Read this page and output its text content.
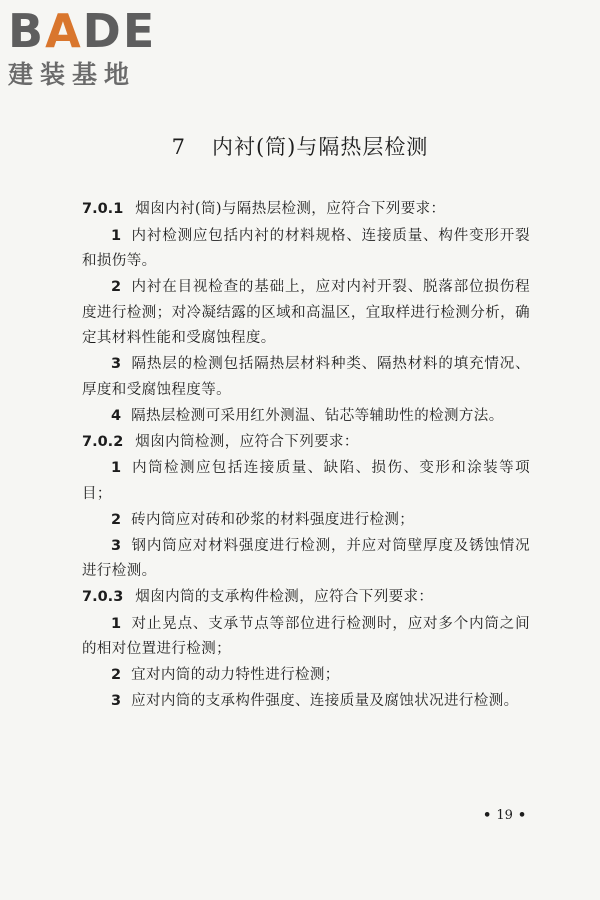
BADE
建装基地
7 内衬(筒)与隔热层检测

7.0.1 烟囱内衬(筒)与隔热层检测，应符合下列要求：

1 内衬检测应包括内衬的材料规格、连接质量、构件变形开裂和损伤等。

2 内衬在目视检查的基础上，应对内衬开裂、脱落部位损伤程度进行检测；对冷凝结露的区域和高温区，宜取样进行检测分析，确定其材料性能和受腐蚀程度。

3 隔热层的检测包括隔热层材料种类、隔热材料的填充情况、厚度和受腐蚀程度等。

4 隔热层检测可采用红外测温、钻芯等辅助性的检测方法。

7.0.2 烟囱内筒检测，应符合下列要求：

1 内筒检测应包括连接质量、缺陷、损伤、变形和涂装等项目；

2 砖内筒应对砖和砂浆的材料强度进行检测；

3 钢内筒应对材料强度进行检测，并应对筒壁厚度及锈蚀情况进行检测。

7.0.3 烟囱内筒的支承构件检测，应符合下列要求：

1 对止晃点、支承节点等部位进行检测时，应对多个内筒之间的相对位置进行检测；

2 宜对内筒的动力特性进行检测；

3 应对内筒的支承构件强度、连接质量及腐蚀状况进行检测。

• 19 •
